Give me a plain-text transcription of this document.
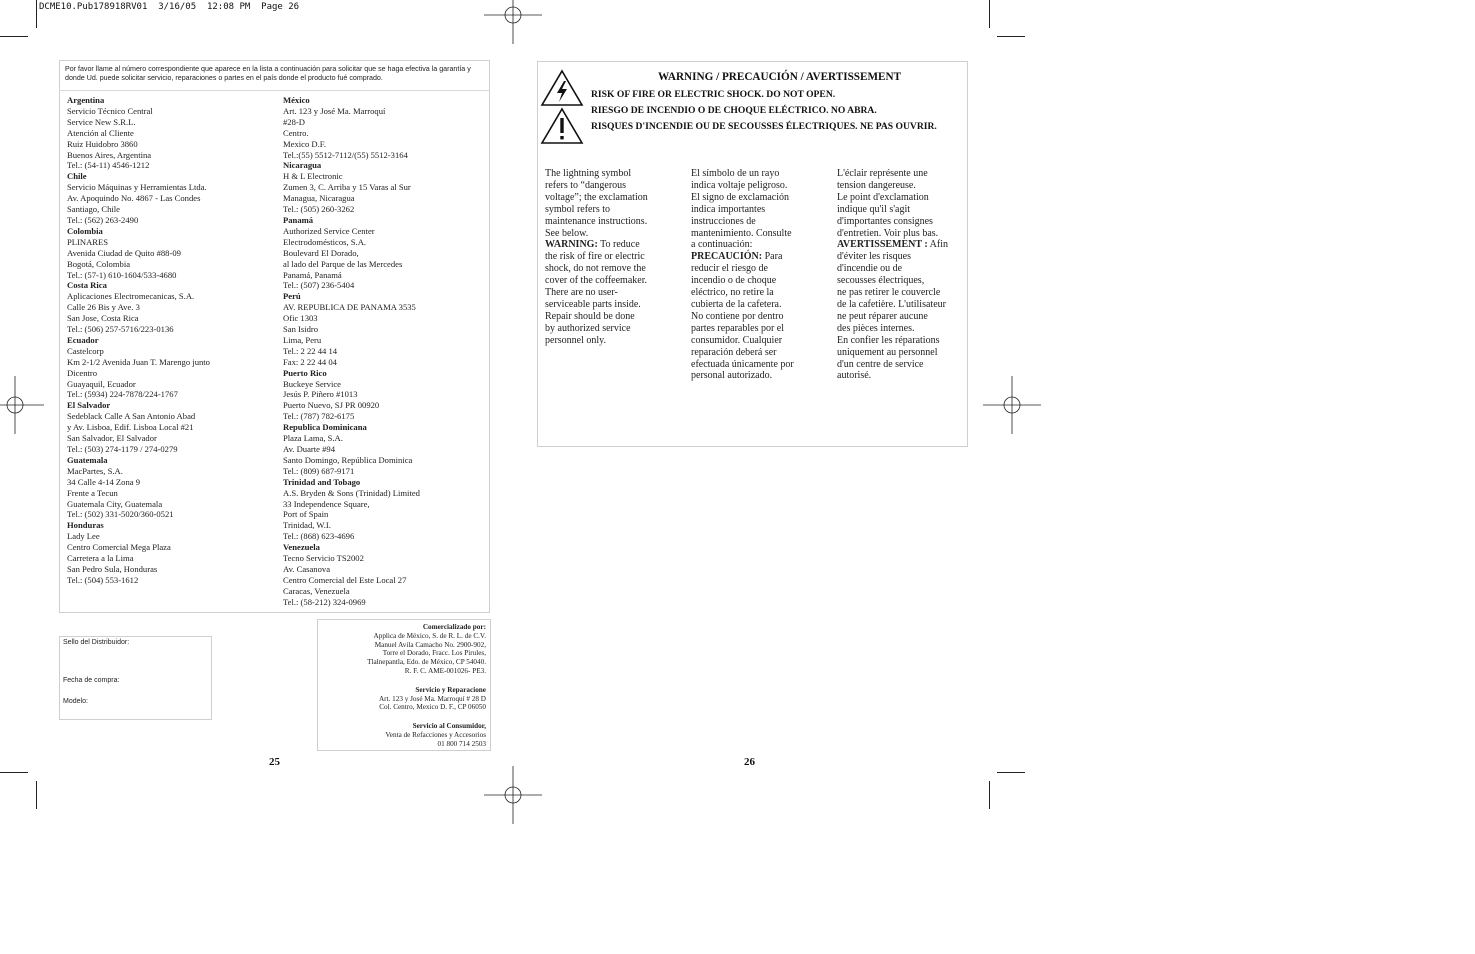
DCME10.Pub178918RV01  3/16/05  12:08 PM  Page 26
Por favor llame al número correspondiente que aparece en la lista a continuación para solicitar que se haga efectiva la garantía y donde Ud. puede solicitar servicio, reparaciones o partes en el país donde el producto fué comprado.
Argentina
Servicio Técnico Central
Service New S.R.L.
Atención al Cliente
Ruiz Huidobro 3860
Buenos Aires, Argentina
Tel.: (54-11) 4546-1212
Chile
Servicio Máquinas y Herramientas Ltda.
Av. Apoquindo No. 4867 - Las Condes
Santiago, Chile
Tel.: (562) 263-2490
Colombia
PLINARES
Avenida Ciudad de Quito #88-09
Bogotá, Colombia
Tel.: (57-1) 610-1604/533-4680
Costa Rica
Aplicaciones Electromecanicas, S.A.
Calle 26 Bis y Ave. 3
San Jose, Costa Rica
Tel.: (506) 257-5716/223-0136
Ecuador
Castelcorp
Km 2-1/2 Avenida Juan T. Marengo junto
Dicentro
Guayaquil, Ecuador
Tel.: (5934) 224-7878/224-1767
El Salvador
Sedeblack Calle A San Antonio Abad
y Av. Lisboa, Edif. Lisboa Local #21
San Salvador, El Salvador
Tel.: (503) 274-1179 / 274-0279
Guatemala
MacPartes, S.A.
34 Calle 4-14 Zona 9
Frente a Tecun
Guatemala City, Guatemala
Tel.: (502) 331-5020/360-0521
Honduras
Lady Lee
Centro Comercial Mega Plaza
Carretera a la Lima
San Pedro Sula, Honduras
Tel.: (504) 553-1612
México
Art. 123 y José Ma. Marroquí
#28-D
Centro.
Mexico D.F.
Tel.:(55) 5512-7112/(55) 5512-3164
Nicaragua
H & L Electronic
Zumen 3, C. Arriba y 15 Varas al Sur
Managua, Nicaragua
Tel.: (505) 260-3262
Panamá
Authorized Service Center
Electrodomésticos, S.A.
Boulevard El Dorado,
al lado del Parque de las Mercedes
Panamá, Panamá
Tel.: (507) 236-5404
Perú
AV. REPUBLICA DE PANAMA 3535
Ofic 1303
San Isidro
Lima, Peru
Tel.: 2 22 44 14
Fax: 2 22 44 04
Puerto Rico
Buckeye Service
Jesús P. Piñero #1013
Puerto Nuevo, SJ PR 00920
Tel.: (787) 782-6175
Republica Dominicana
Plaza Lama, S.A.
Av. Duarte #94
Santo Domingo, República Dominica
Tel.: (809) 687-9171
Trinidad and Tobago
A.S. Bryden & Sons (Trinidad) Limited
33 Independence Square,
Port of Spain
Trinidad, W.I.
Tel.: (868) 623-4696
Venezuela
Tecno Servicio TS2002
Av. Casanova
Centro Comercial del Este Local 27
Caracas, Venezuela
Tel.: (58-212) 324-0969
Sello del Distribuidor:
Fecha de compra:
Modelo:
Comercializado por:
Applica de México, S. de R. L. de C.V.
Manuel Avila Camacho No. 2900-902,
Torre el Dorado, Fracc. Los Pirules,
Tlalnepantla, Edo. de México, CP 54040.
R. F. C. AME-001026- PE3.
Servicio y Reparacione
Art. 123 y José Ma. Marroquí # 28 D
Col. Centro, Mexico D. F., CP 06050
Servicio al Consumidor,
Venta de Refacciones y Accesorios
01 800 714 2503
25
WARNING / PRECAUCIÓN / AVERTISSEMENT
RISK OF FIRE OR ELECTRIC SHOCK. DO NOT OPEN.
RIESGO DE INCENDIO O DE CHOQUE ELÉCTRICO. NO ABRA.
RISQUES D'INCENDIE OU DE SECOUSSES ÉLECTRIQUES. NE PAS OUVRIR.
The lightning symbol
refers to “dangerous
voltage”; the exclamation
symbol refers to
maintenance instructions.
See below.
WARNING: To reduce
the risk of fire or electric
shock, do not remove the
cover of the coffeemaker.
There are no user-
serviceable parts inside.
Repair should be done
by authorized service
personnel only.
El símbolo de un rayo
indica voltaje peligroso.
El signo de exclamación
indica importantes
instrucciones de
mantenimiento. Consulte
a continuación:
PRECAUCIÓN: Para
reducir el riesgo de
incendio o de choque
eléctrico, no retire la
cubierta de la cafetera.
No contiene por dentro
partes reparables por el
consumidor. Cualquier
reparación deberá ser
efectuada únicamente por
personal autorizado.
L'éclair représente une
tension dangereuse.
Le point d'exclamation
indique qu'il s'agit
d'importantes consignes
d'entretien. Voir plus bas.
AVERTISSEMENT : Afin
d'éviter les risques
d'incendie ou de
secousses électriques,
ne pas retirer le couvercle
de la cafetière. L'utilisateur
ne peut réparer aucune
des pièces internes.
En confier les réparations
uniquement au personnel
d'un centre de service
autorisé.
26
